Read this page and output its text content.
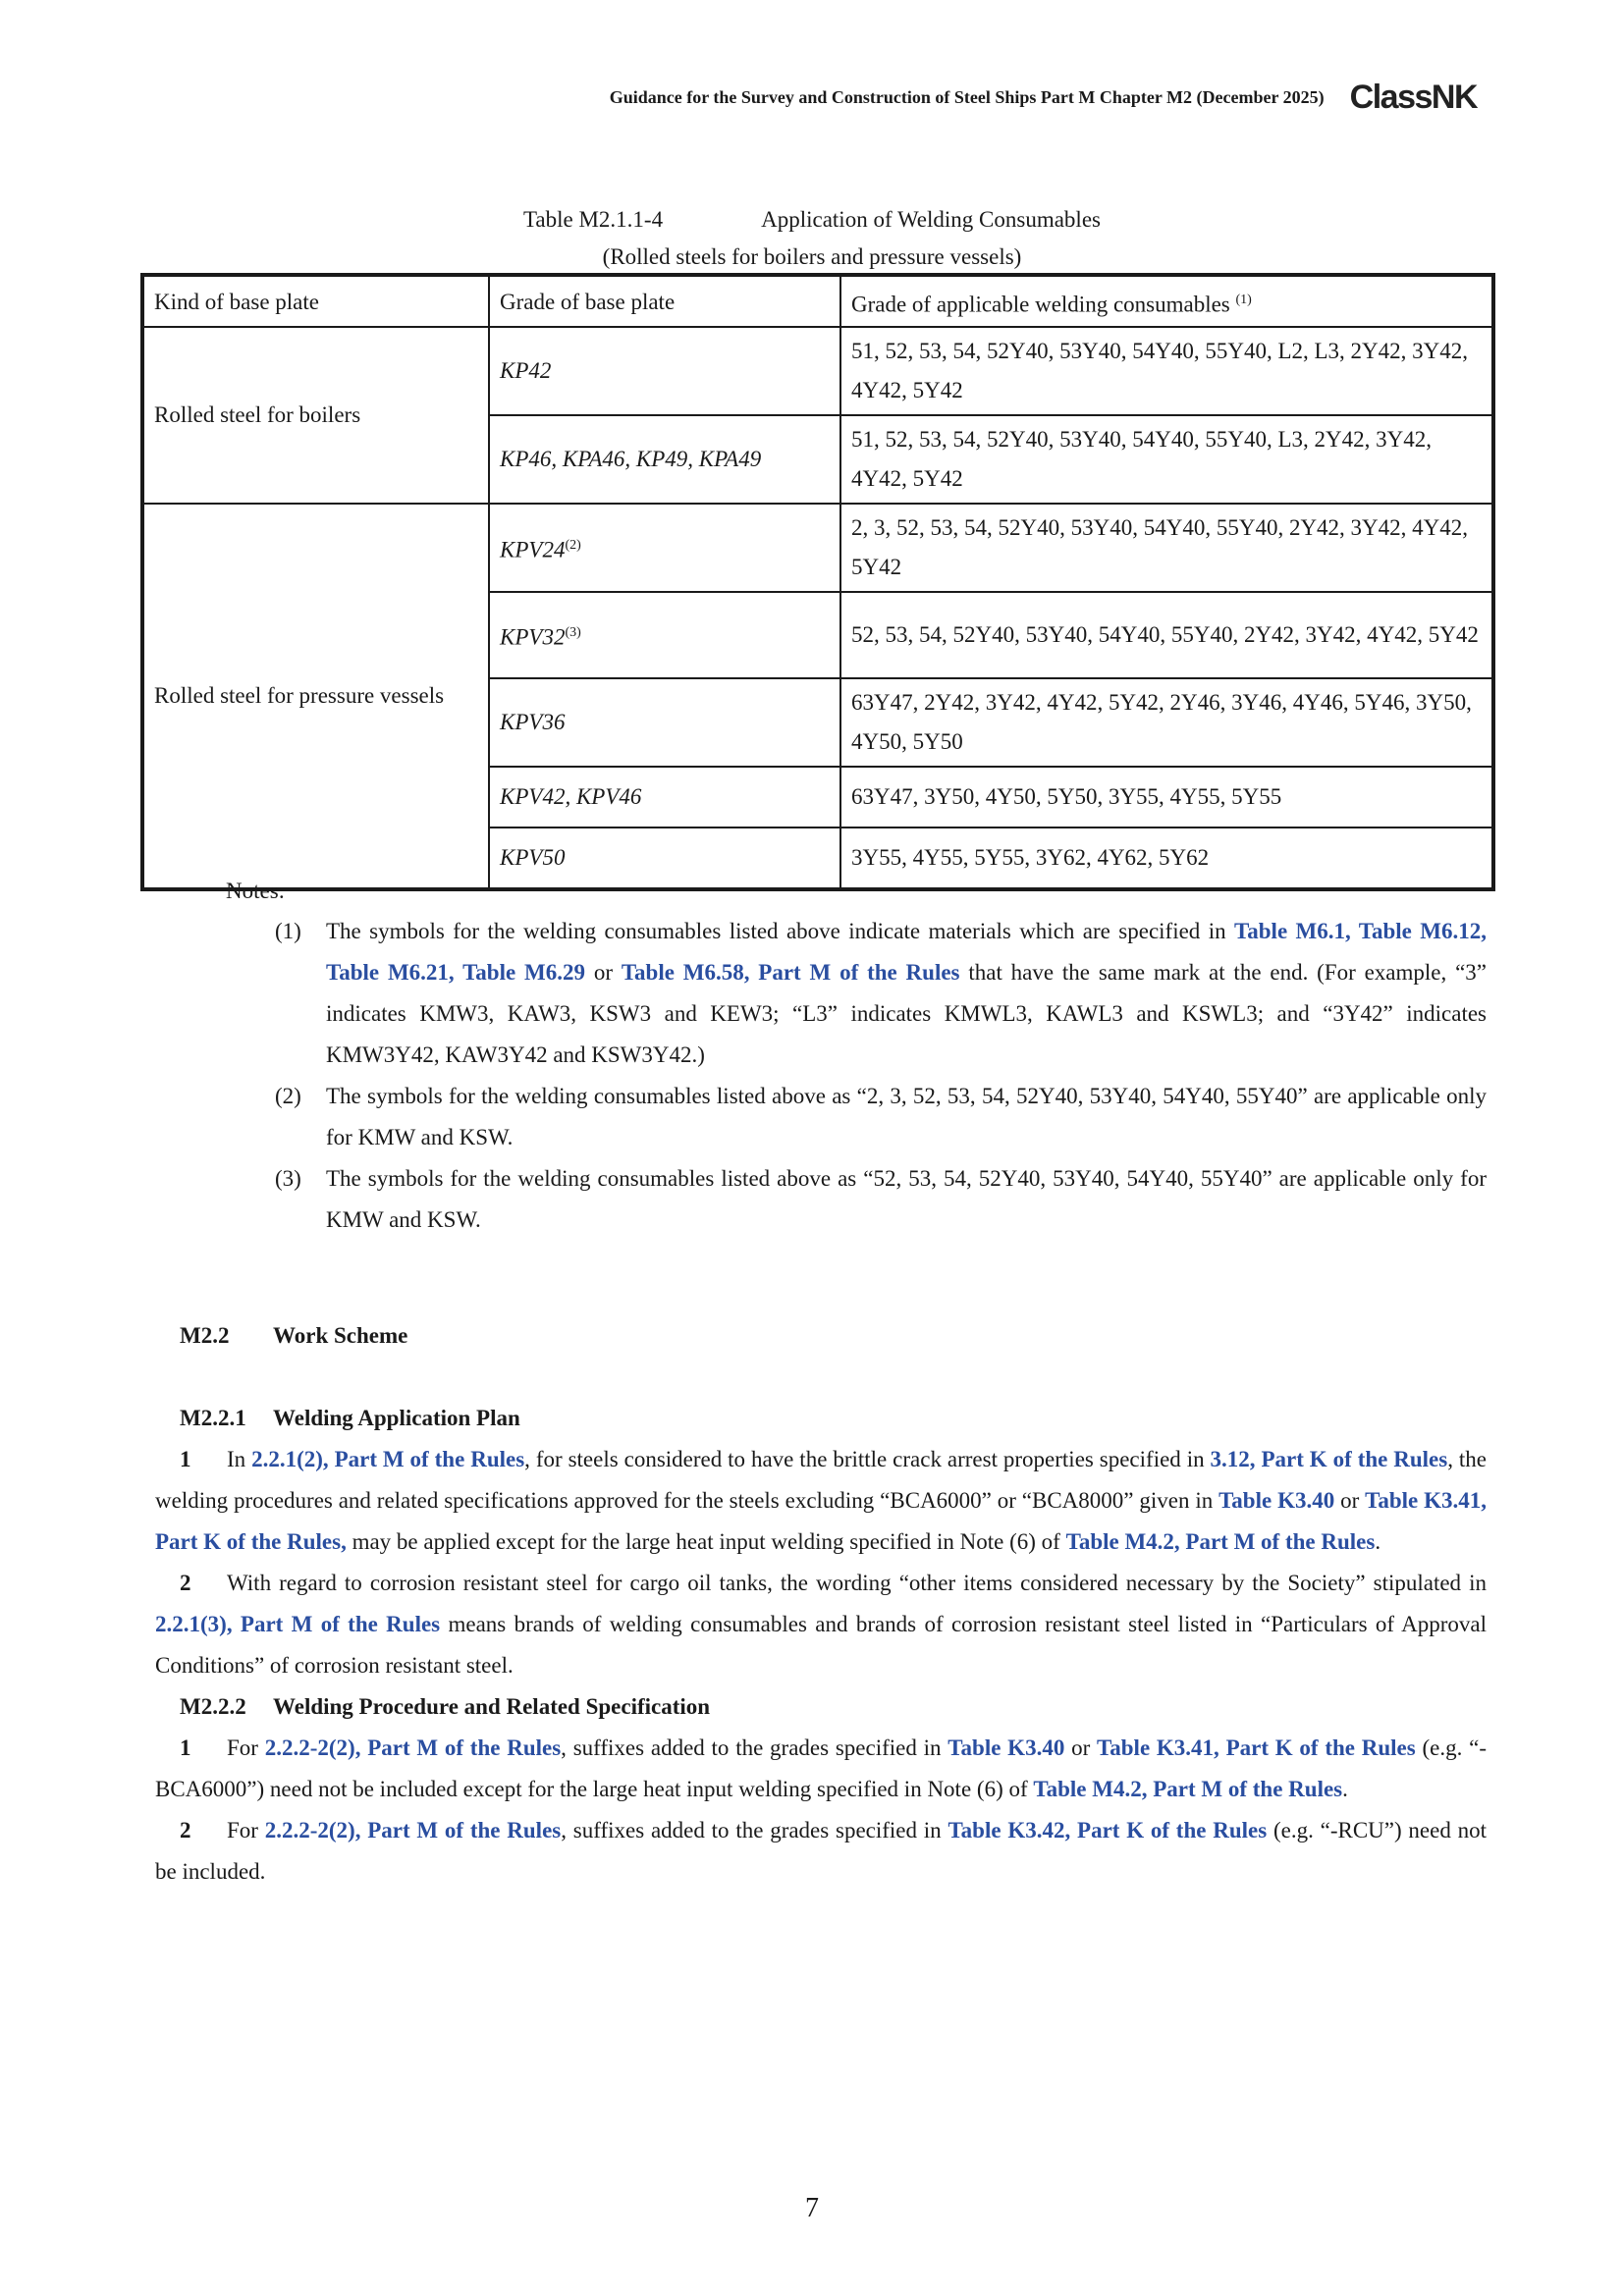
Guidance for the Survey and Construction of Steel Ships Part M Chapter M2 (December 2025) ClassNK
Table M2.1.1-4	Application of Welding Consumables
(Rolled steels for boilers and pressure vessels)
Kind of base plate	Grade of base plate	Grade of applicable welding consumables $^{(1)}$
Rolled steel for boilers	KP42	51, 52, 53, 54, 52Y40, 53Y40, 54Y40, 55Y40, L2, L3, 2Y42, 3Y42, 4Y42, 5Y42
	KP46, KPA46, KP49, KPA49	51, 52, 53, 54, 52Y40, 53Y40, 54Y40, 55Y40, L3, 2Y42, 3Y42, 4Y42, 5Y42
Rolled steel for pressure vessels	KPV24$^{(2)}$	2, 3, 52, 53, 54, 52Y40, 53Y40, 54Y40, 55Y40, 2Y42, 3Y42, 4Y42, 5Y42
	KPV32$^{(3)}$	52, 53, 54, 52Y40, 53Y40, 54Y40, 55Y40, 2Y42, 3Y42, 4Y42, 5Y42
	KPV36	63Y47, 2Y42, 3Y42, 4Y42, 5Y42, 2Y46, 3Y46, 4Y46, 5Y46, 3Y50, 4Y50, 5Y50
	KPV42, KPV46	63Y47, 3Y50, 4Y50, 5Y50, 3Y55, 4Y55, 5Y55
	KPV50	3Y55, 4Y55, 5Y55, 3Y62, 4Y62, 5Y62
Notes:
(1)	The symbols for the welding consumables listed above indicate materials which are specified in Table M6.1, Table M6.12, Table M6.21, Table M6.29 or Table M6.58, Part M of the Rules that have the same mark at the end. (For example, “3” indicates KMW3, KAW3, KSW3 and KEW3; “L3” indicates KMWL3, KAWL3 and KSWL3; and “3Y42” indicates KMW3Y42, KAW3Y42 and KSW3Y42.)
(2)	The symbols for the welding consumables listed above as “2, 3, 52, 53, 54, 52Y40, 53Y40, 54Y40, 55Y40” are applicable only for KMW and KSW.
(3)	The symbols for the welding consumables listed above as “52, 53, 54, 52Y40, 53Y40, 54Y40, 55Y40” are applicable only for KMW and KSW.
M2.2 Work Scheme
M2.2.1 Welding Application Plan
1 In 2.2.1(2), Part M of the Rules, for steels considered to have the brittle crack arrest properties specified in 3.12, Part K of the Rules, the welding procedures and related specifications approved for the steels excluding “BCA6000” or “BCA8000” given in Table K3.40 or Table K3.41, Part K of the Rules, may be applied except for the large heat input welding specified in Note (6) of Table M4.2, Part M of the Rules.
2 With regard to corrosion resistant steel for cargo oil tanks, the wording “other items considered necessary by the Society” stipulated in 2.2.1(3), Part M of the Rules means brands of welding consumables and brands of corrosion resistant steel listed in “Particulars of Approval Conditions” of corrosion resistant steel.
M2.2.2 Welding Procedure and Related Specification
1 For 2.2.2-2(2), Part M of the Rules, suffixes added to the grades specified in Table K3.40 or Table K3.41, Part K of the Rules (e.g. “-BCA6000”) need not be included except for the large heat input welding specified in Note (6) of Table M4.2, Part M of the Rules.
2 For 2.2.2-2(2), Part M of the Rules, suffixes added to the grades specified in Table K3.42, Part K of the Rules (e.g. “-RCU”) need not be included.
7
